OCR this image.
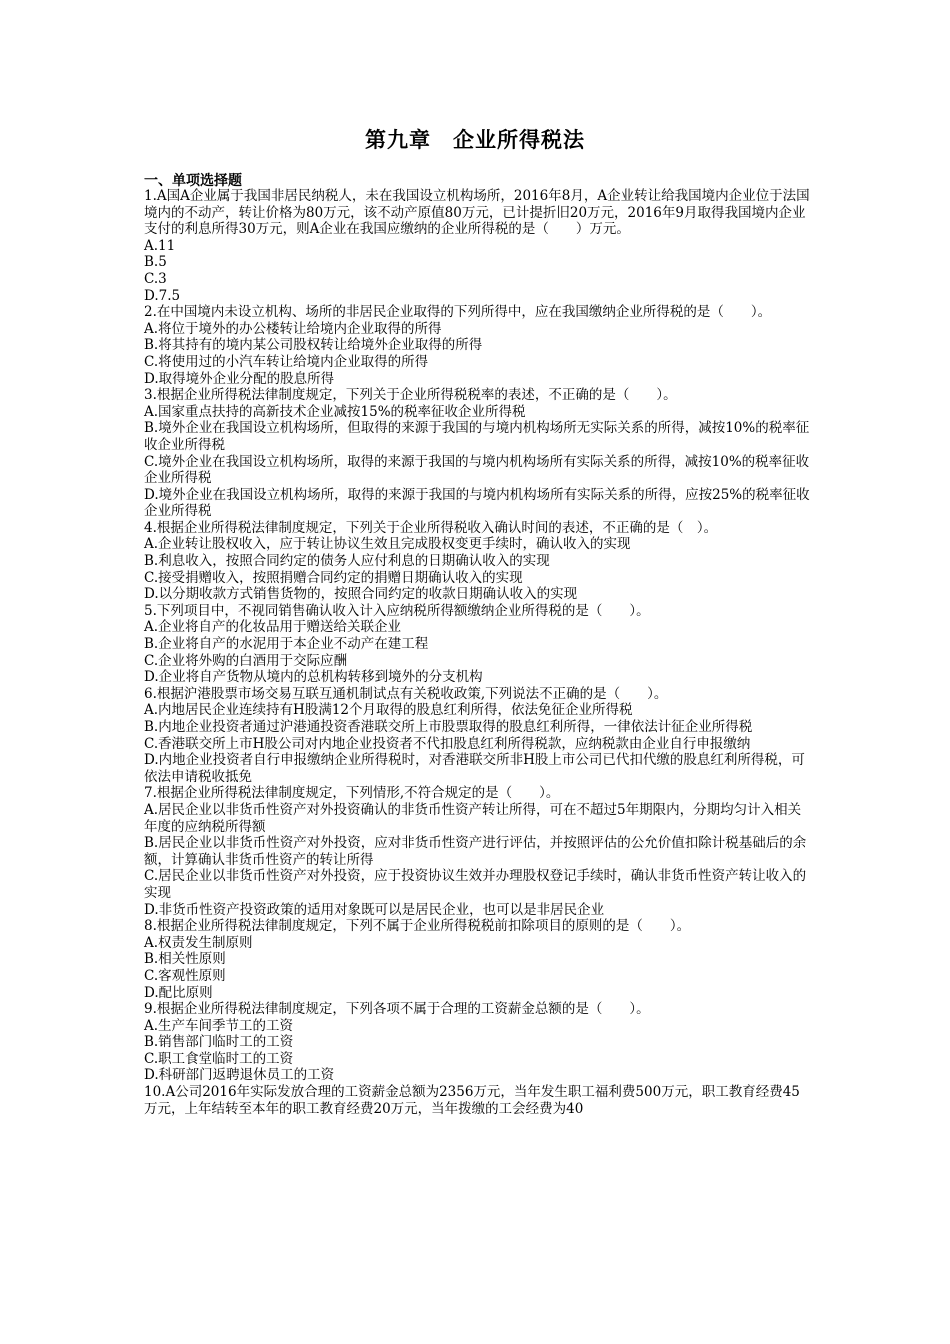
第九章　企业所得税法
一、单项选择题

1.A国A企业属于我国非居民纳税人，未在我国设立机构场所，2016年8月，A企业转让给我国境内企业位于法国境内的不动产，转让价格为80万元，该不动产原值80万元，已计提折旧20万元，2016年9月取得我国境内企业支付的利息所得30万元，则A企业在我国应缴纳的企业所得税的是（　　）万元。

A.11

B.5

C.3

D.7.5

2.在中国境内未设立机构、场所的非居民企业取得的下列所得中，应在我国缴纳企业所得税的是（　　）。

A.将位于境外的办公楼转让给境内企业取得的所得

B.将其持有的境内某公司股权转让给境外企业取得的所得

C.将使用过的小汽车转让给境内企业取得的所得

D.取得境外企业分配的股息所得

3.根据企业所得税法律制度规定，下列关于企业所得税税率的表述，不正确的是（　　）。

A.国家重点扶持的高新技术企业减按15%的税率征收企业所得税

B.境外企业在我国设立机构场所，但取得的来源于我国的与境内机构场所无实际关系的所得，减按10%的税率征收企业所得税

C.境外企业在我国设立机构场所，取得的来源于我国的与境内机构场所有实际关系的所得，减按10%的税率征收企业所得税

D.境外企业在我国设立机构场所，取得的来源于我国的与境内机构场所有实际关系的所得，应按25%的税率征收企业所得税

4.根据企业所得税法律制度规定，下列关于企业所得税收入确认时间的表述，不正确的是（　）。

A.企业转让股权收入，应于转让协议生效且完成股权变更手续时，确认收入的实现

B.利息收入，按照合同约定的债务人应付利息的日期确认收入的实现

C.接受捐赠收入，按照捐赠合同约定的捐赠日期确认收入的实现

D.以分期收款方式销售货物的，按照合同约定的收款日期确认收入的实现

5.下列项目中，不视同销售确认收入计入应纳税所得额缴纳企业所得税的是（　　）。

A.企业将自产的化妆品用于赠送给关联企业

B.企业将自产的水泥用于本企业不动产在建工程

C.企业将外购的白酒用于交际应酬

D.企业将自产货物从境内的总机构转移到境外的分支机构

6.根据沪港股票市场交易互联互通机制试点有关税收政策,下列说法不正确的是（　　）。

A.内地居民企业连续持有H股满12个月取得的股息红利所得，依法免征企业所得税

B.内地企业投资者通过沪港通投资香港联交所上市股票取得的股息红利所得，一律依法计征企业所得税

C.香港联交所上市H股公司对内地企业投资者不代扣股息红利所得税款，应纳税款由企业自行申报缴纳

D.内地企业投资者自行申报缴纳企业所得税时，对香港联交所非H股上市公司已代扣代缴的股息红利所得税，可依法申请税收抵免

7.根据企业所得税法律制度规定，下列情形,不符合规定的是（　　）。

A.居民企业以非货币性资产对外投资确认的非货币性资产转让所得，可在不超过5年期限内，分期均匀计入相关年度的应纳税所得额

B.居民企业以非货币性资产对外投资，应对非货币性资产进行评估，并按照评估的公允价值扣除计税基础后的余额，计算确认非货币性资产的转让所得

C.居民企业以非货币性资产对外投资，应于投资协议生效并办理股权登记手续时，确认非货币性资产转让收入的实现

D.非货币性资产投资政策的适用对象既可以是居民企业，也可以是非居民企业

8.根据企业所得税法律制度规定，下列不属于企业所得税税前扣除项目的原则的是（　　）。

A.权责发生制原则

B.相关性原则

C.客观性原则

D.配比原则

9.根据企业所得税法律制度规定，下列各项不属于合理的工资薪金总额的是（　　）。

A.生产车间季节工的工资

B.销售部门临时工的工资

C.职工食堂临时工的工资

D.科研部门返聘退休员工的工资

10.A公司2016年实际发放合理的工资薪金总额为2356万元，当年发生职工福利费500万元，职工教育经费45万元，上年结转至本年的职工教育经费20万元，当年拨缴的工会经费为40
